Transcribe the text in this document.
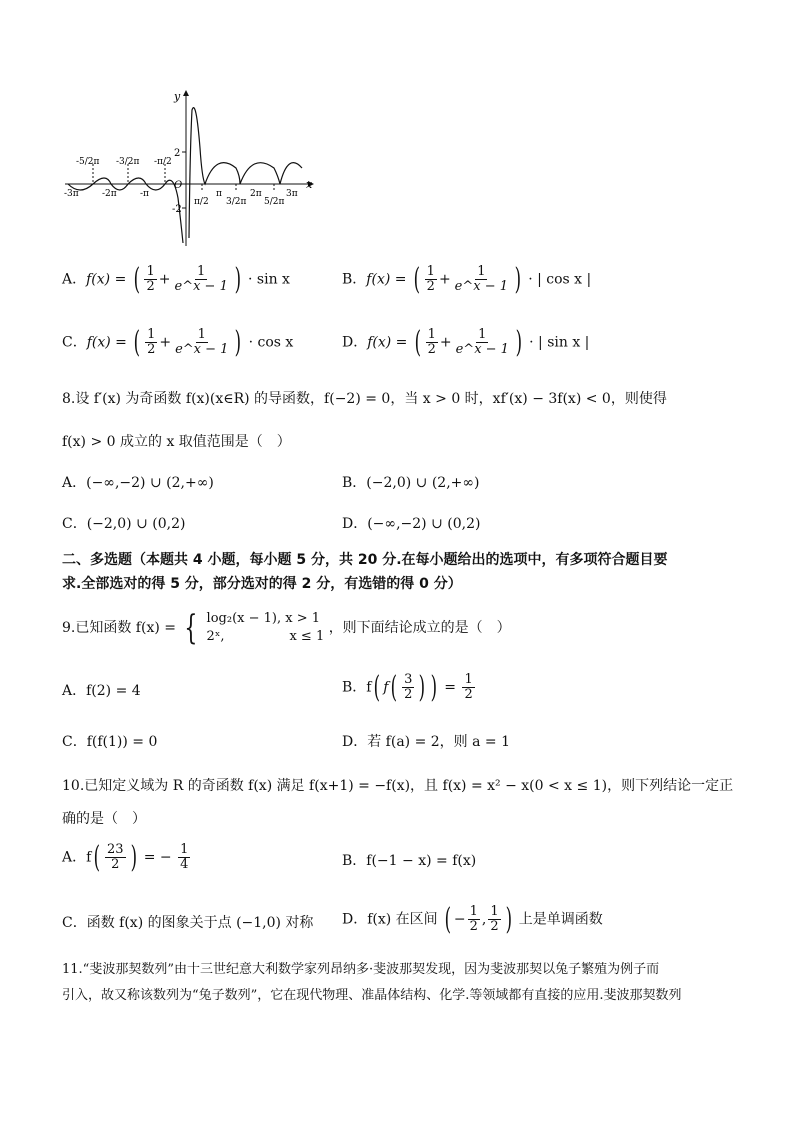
y
x
O
2
-2
-3π	-2π	-π	π	2π	3π
-5/2π -3/2π -π/2
π/2 3/2π 5/2π
A．f(x) = ( $\frac{1}{2} + \frac{1}{e\^{}x - 1}$ ) · sin x	B．f(x) = ( $\frac{1}{2} + \frac{1}{e\^{}x - 1}$ ) · | cos x |
C．f(x) = ( $\frac{1}{2} + \frac{1}{e\^{}x - 1}$ ) · cos x	D．f(x) = ( $\frac{1}{2} + \frac{1}{e\^{}x - 1}$ ) · | sin x |
8.设 f′(x) 为奇函数 f(x)(x∈R) 的导函数，f(−2) = 0，当 x > 0 时，xf′(x) − 3f(x) < 0，则使得
f(x) > 0 成立的 x 取值范围是（　）
A．(−∞,−2) ∪ (2,+∞)	B．(−2,0) ∪ (2,+∞)
C．(−2,0) ∪ (0,2)	D．(−∞,−2) ∪ (0,2)
二、多选题（本题共 4 小题，每小题 5 分，共 20 分.在每小题给出的选项中，有多项符合题目要
求.全部选对的得 5 分，部分选对的得 2 分，有选错的得 0 分）
9.已知函数 f(x) = { log₂(x − 1), x > 1
2ˣ,　　　　　x ≤ 1
，则下面结论成立的是（　）
A．f(2) = 4	B．f( $f( \frac{3}{2}$ ) ) = $\frac{1}{2}$
C．f(f(1)) = 0	D．若 f(a) = 2，则 a = 1
10.已知定义域为 R 的奇函数 f(x) 满足 f(x+1) = −f(x)，且 f(x) = x² − x(0 < x ≤ 1)，则下列结论一定正
确的是（　）
A．$f( \frac{23}{2}$ ) = − $\frac{1}{4}$	B．f(−1 − x) = f(x)
C．函数 f(x) 的图象关于点 (−1,0) 对称 D．f(x) 在区间 ( − $\frac{1}{2}$ , $\frac{1}{2}$ ) 上是单调函数
11.“斐波那契数列”由十三世纪意大利数学家列昂纳多·斐波那契发现，因为斐波那契以兔子繁殖为例子而
引入，故又称该数列为“兔子数列”，它在现代物理、准晶体结构、化学.等领域都有直接的应用.斐波那契数列
